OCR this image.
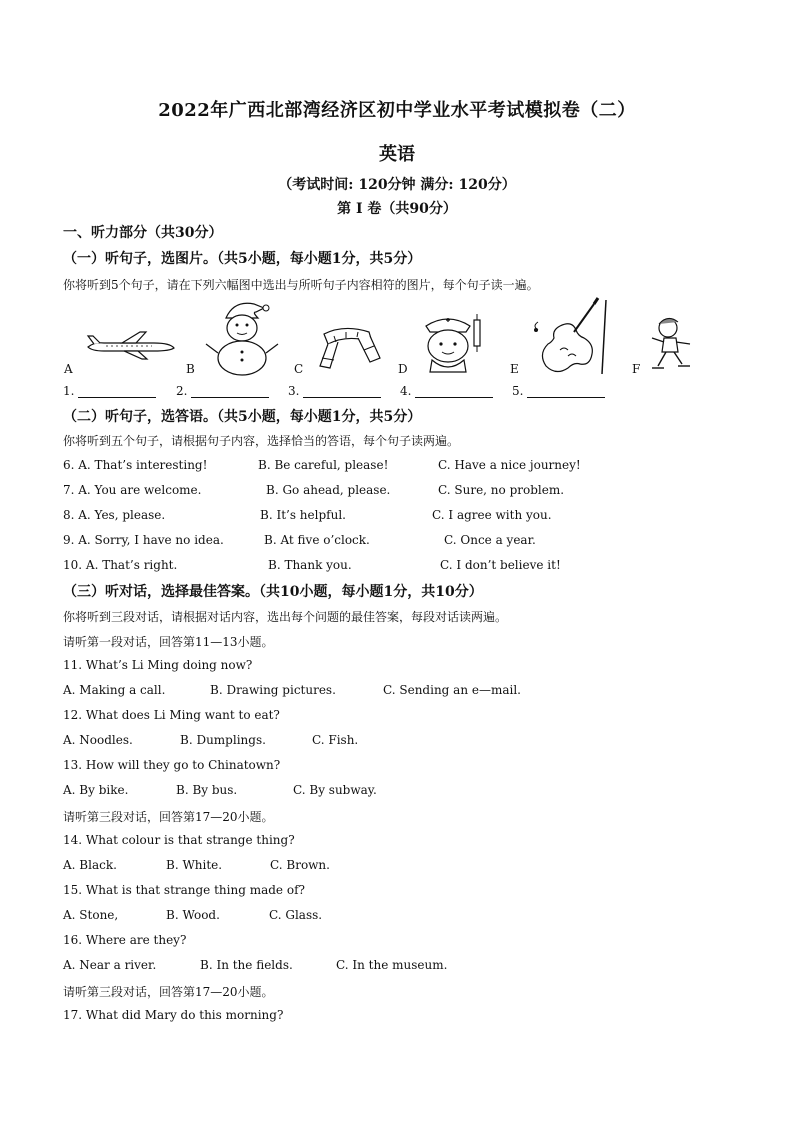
2022年广西北部湾经济区初中学业水平考试模拟卷（二）
英语
（考试时间: 120分钟 满分: 120分）
第 I 卷（共90分）
一、听力部分（共30分）
（一）听句子，选图片。（共5小题，每小题1分，共5分）
你将听到5个句子，请在下列六幅图中选出与所听句子内容相符的图片，每个句子读一遍。
A	B	C	D	E	F
1.	2.	3.	4.	5.
（二）听句子，选答语。（共5小题，每小题1分，共5分）
你将听到五个句子，请根据句子内容，选择恰当的答语，每个句子读两遍。
6. A. That’s interesting!	B. Be careful, please!	C. Have a nice journey!
7. A. You are welcome.	B. Go ahead, please.	C. Sure, no problem.
8. A. Yes, please.	B. It’s helpful.	C. I agree with you.
9. A. Sorry, I have no idea.	B. At five o’clock.	C. Once a year.
10. A. That’s right.	B. Thank you.	C. I don’t believe it!
（三）听对话，选择最佳答案。（共10小题，每小题1分，共10分）
你将听到三段对话，请根据对话内容，选出每个问题的最佳答案，每段对话读两遍。
请听第一段对话，回答第11—13小题。
11. What’s Li Ming doing now?
A. Making a call.	B. Drawing pictures.	C. Sending an e—mail.
12. What does Li Ming want to eat?
A. Noodles.	B. Dumplings.	C. Fish.
13. How will they go to Chinatown?
A. By bike.	B. By bus.	C. By subway.
请听第三段对话，回答第17—20小题。
14. What colour is that strange thing?
A. Black.	B. White.	C. Brown.
15. What is that strange thing made of?
A. Stone,	B. Wood.	C. Glass.
16. Where are they?
A. Near a river.	B. In the fields.	C. In the museum.
请听第三段对话，回答第17—20小题。
17. What did Mary do this morning?
